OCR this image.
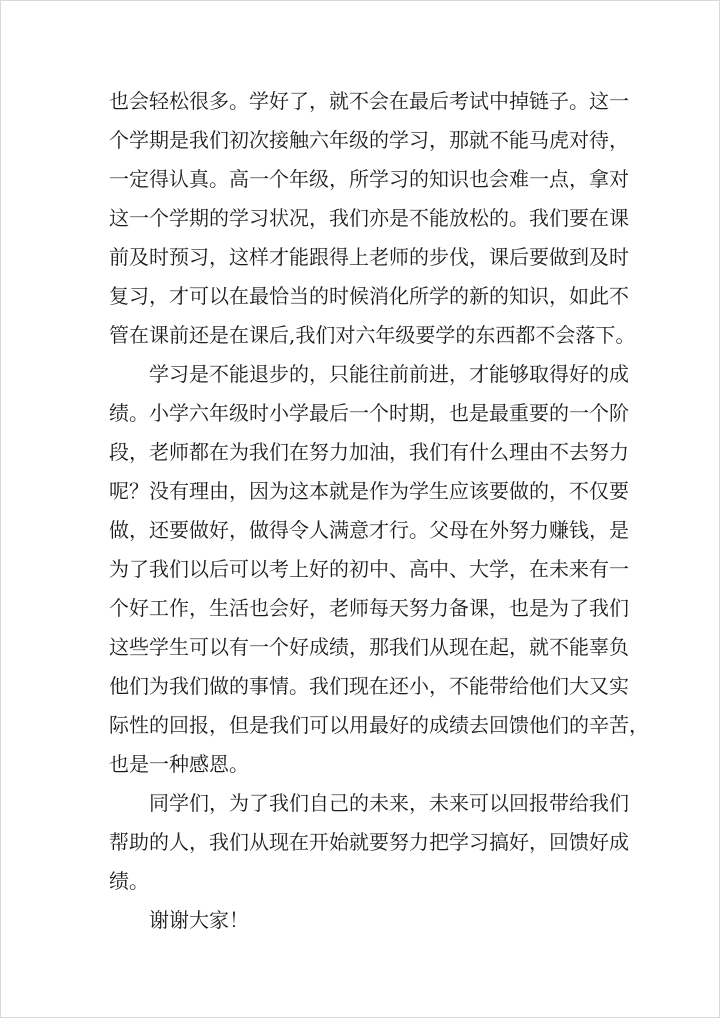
也会轻松很多。学好了，就不会在最后考试中掉链子。这一
个学期是我们初次接触六年级的学习，那就不能马虎对待，
一定得认真。高一个年级，所学习的知识也会难一点，拿对
这一个学期的学习状况，我们亦是不能放松的。我们要在课
前及时预习，这样才能跟得上老师的步伐，课后要做到及时
复习，才可以在最恰当的时候消化所学的新的知识，如此不
管在课前还是在课后,我们对六年级要学的东西都不会落下。
学习是不能退步的，只能往前前进，才能够取得好的成
绩。小学六年级时小学最后一个时期，也是最重要的一个阶
段，老师都在为我们在努力加油，我们有什么理由不去努力
呢？没有理由，因为这本就是作为学生应该要做的，不仅要
做，还要做好，做得令人满意才行。父母在外努力赚钱，是
为了我们以后可以考上好的初中、高中、大学，在未来有一
个好工作，生活也会好，老师每天努力备课，也是为了我们
这些学生可以有一个好成绩，那我们从现在起，就不能辜负
他们为我们做的事情。我们现在还小，不能带给他们大又实
际性的回报，但是我们可以用最好的成绩去回馈他们的辛苦，
也是一种感恩。
同学们，为了我们自己的未来，未来可以回报带给我们
帮助的人，我们从现在开始就要努力把学习搞好，回馈好成
绩。
谢谢大家！
